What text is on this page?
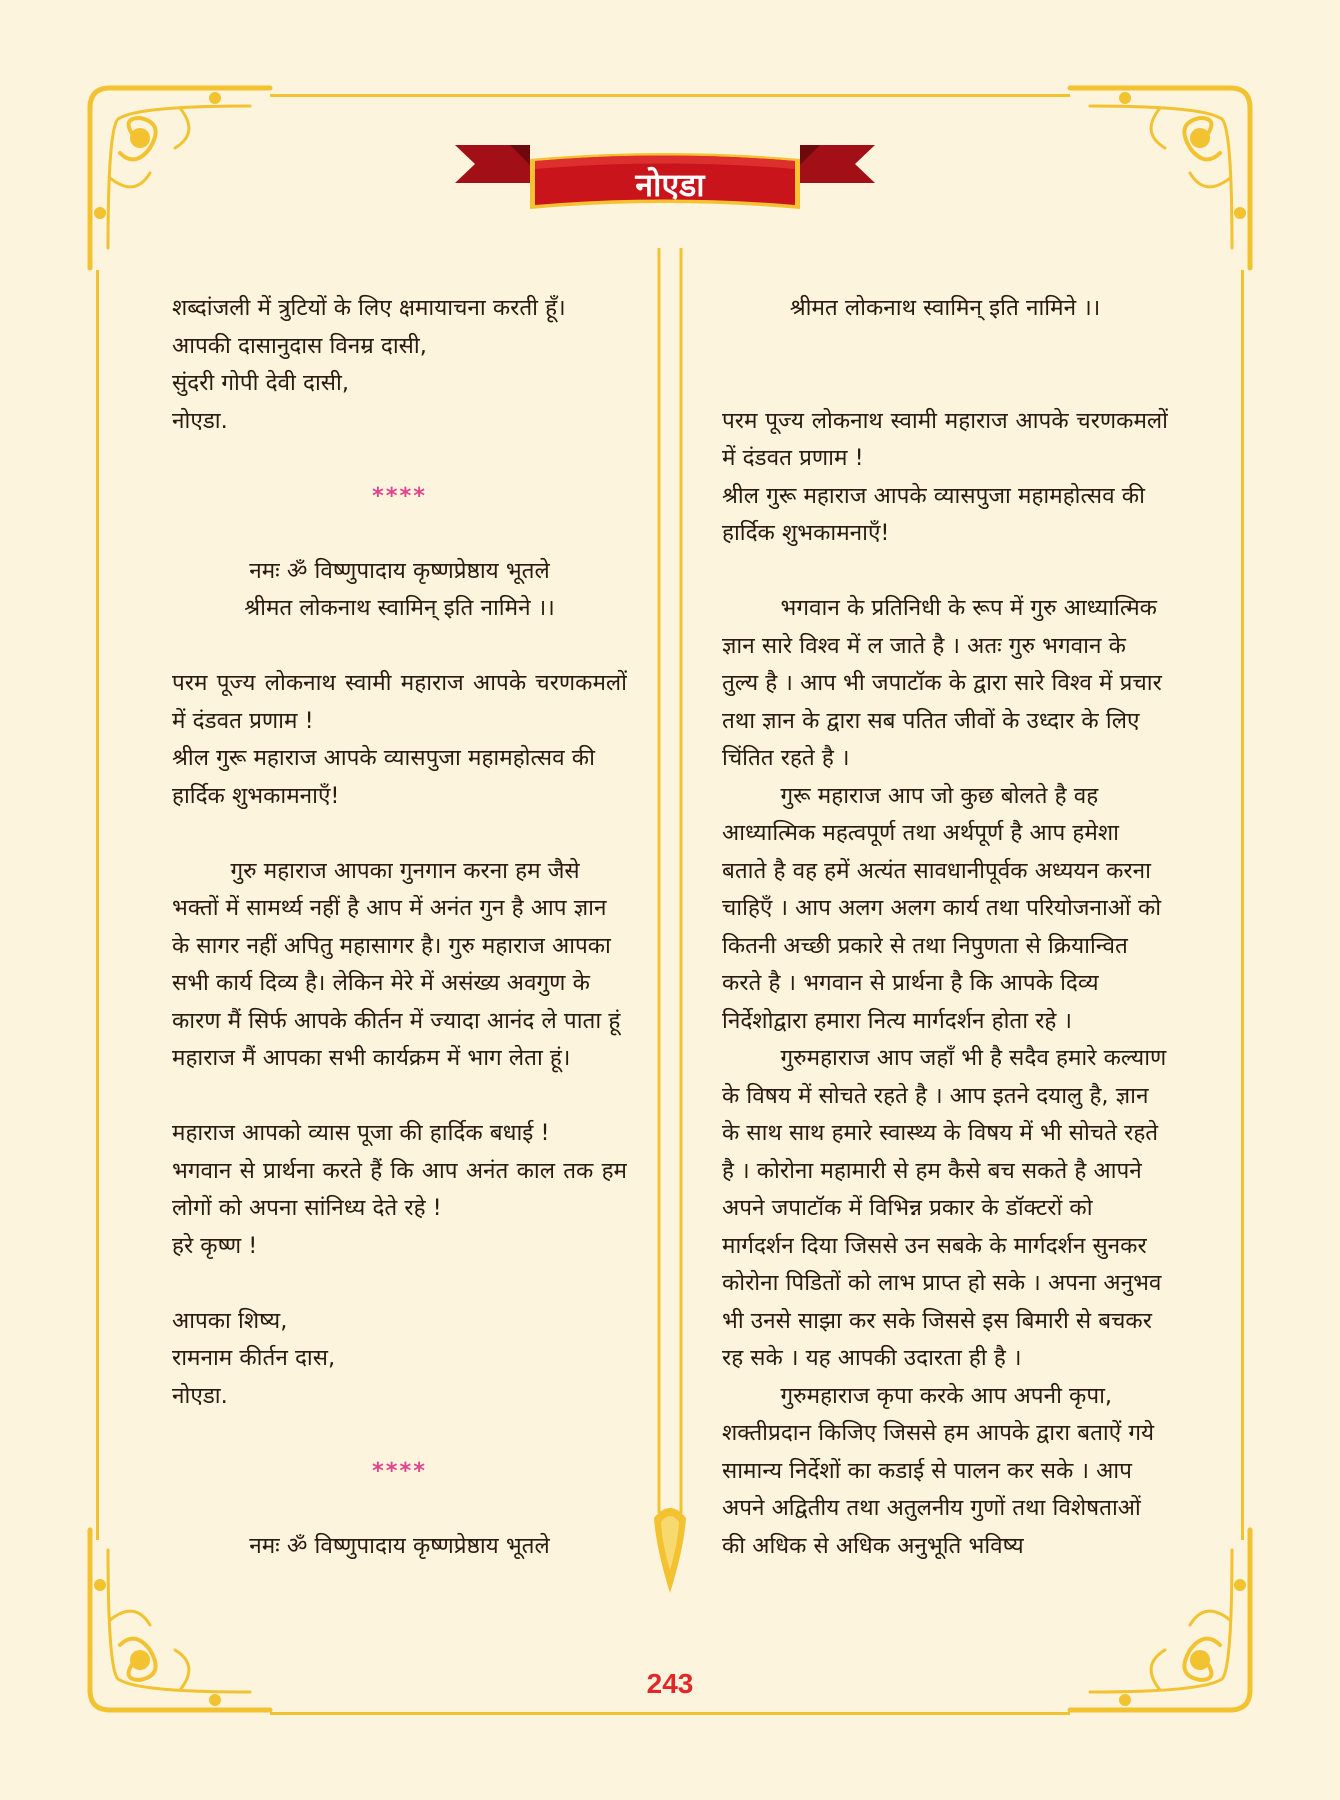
नोएडा
शब्दांजली में त्रुटियों के लिए क्षमायाचना करती हूँ।
आपकी दासानुदास विनम्र दासी,
सुंदरी गोपी देवी दासी,
नोएडा.
****
नमः ॐ विष्णुपादाय कृष्णप्रेष्ठाय भूतले
श्रीमत लोकनाथ स्वामिन् इति नामिने ।।
परम पूज्य लोकनाथ स्वामी महाराज आपके चरणकमलों में दंडवत प्रणाम !
श्रील गुरू महाराज आपके व्यासपुजा महामहोत्सव की हार्दिक शुभकामनाएँ!
गुरु महाराज आपका गुनगान करना हम जैसे भक्तों में सामर्थ्य नहीं है आप में अनंत गुन है आप ज्ञान के सागर नहीं अपितु महासागर है। गुरु महाराज आपका सभी कार्य दिव्य है। लेकिन मेरे में असंख्य अवगुण के कारण मैं सिर्फ आपके कीर्तन में ज्यादा आनंद ले पाता हूं महाराज मैं आपका सभी कार्यक्रम में भाग लेता हूं।
महाराज आपको व्यास पूजा की हार्दिक बधाई !
भगवान से प्रार्थना करते हैं कि आप अनंत काल तक हम लोगों को अपना सांनिध्य देते रहे !
हरे कृष्ण !
आपका शिष्य,
रामनाम कीर्तन दास,
नोएडा.
****
नमः ॐ विष्णुपादाय कृष्णप्रेष्ठाय भूतले
श्रीमत लोकनाथ स्वामिन् इति नामिने ।।
परम पूज्य लोकनाथ स्वामी महाराज आपके चरणकमलों में दंडवत प्रणाम !
श्रील गुरू महाराज आपके व्यासपुजा महामहोत्सव की हार्दिक शुभकामनाएँ!
भगवान के प्रतिनिधी के रूप में गुरु आध्यात्मिक ज्ञान सारे विश्व में ल जाते है । अतः गुरु भगवान के तुल्य है । आप भी जपाटॉक के द्वारा सारे विश्व में प्रचार तथा ज्ञान के द्वारा सब पतित जीवों के उध्दार के लिए चिंतित रहते है ।
गुरू महाराज आप जो कुछ बोलते है वह आध्यात्मिक महत्वपूर्ण तथा अर्थपूर्ण है आप हमेशा बताते है वह हमें अत्यंत सावधानीपूर्वक अध्ययन करना चाहिएँ । आप अलग अलग कार्य तथा परियोजनाओं को कितनी अच्छी प्रकारे से तथा निपुणता से क्रियान्वित करते है । भगवान से प्रार्थना है कि आपके दिव्य निर्देशोद्वारा हमारा नित्य मार्गदर्शन होता रहे ।
गुरुमहाराज आप जहाँ भी है सदैव हमारे कल्याण के विषय में सोचते रहते है । आप इतने दयालु है, ज्ञान के साथ साथ हमारे स्वास्थ्य के विषय में भी सोचते रहते है । कोरोना महामारी से हम कैसे बच सकते है आपने अपने जपाटॉक में विभिन्न प्रकार के डॉक्टरों को मार्गदर्शन दिया जिससे उन सबके के मार्गदर्शन सुनकर कोरोना पिडितों को लाभ प्राप्त हो सके । अपना अनुभव भी उनसे साझा कर सके जिससे इस बिमारी से बचकर रह सके । यह आपकी उदारता ही है ।
गुरुमहाराज कृपा करके आप अपनी कृपा, शक्तीप्रदान किजिए जिससे हम आपके द्वारा बताऐं गये सामान्य निर्देशों का कडाई से पालन कर सके । आप अपने अद्वितीय तथा अतुलनीय गुणों तथा विशेषताओं की अधिक से अधिक अनुभूति भविष्य
243
